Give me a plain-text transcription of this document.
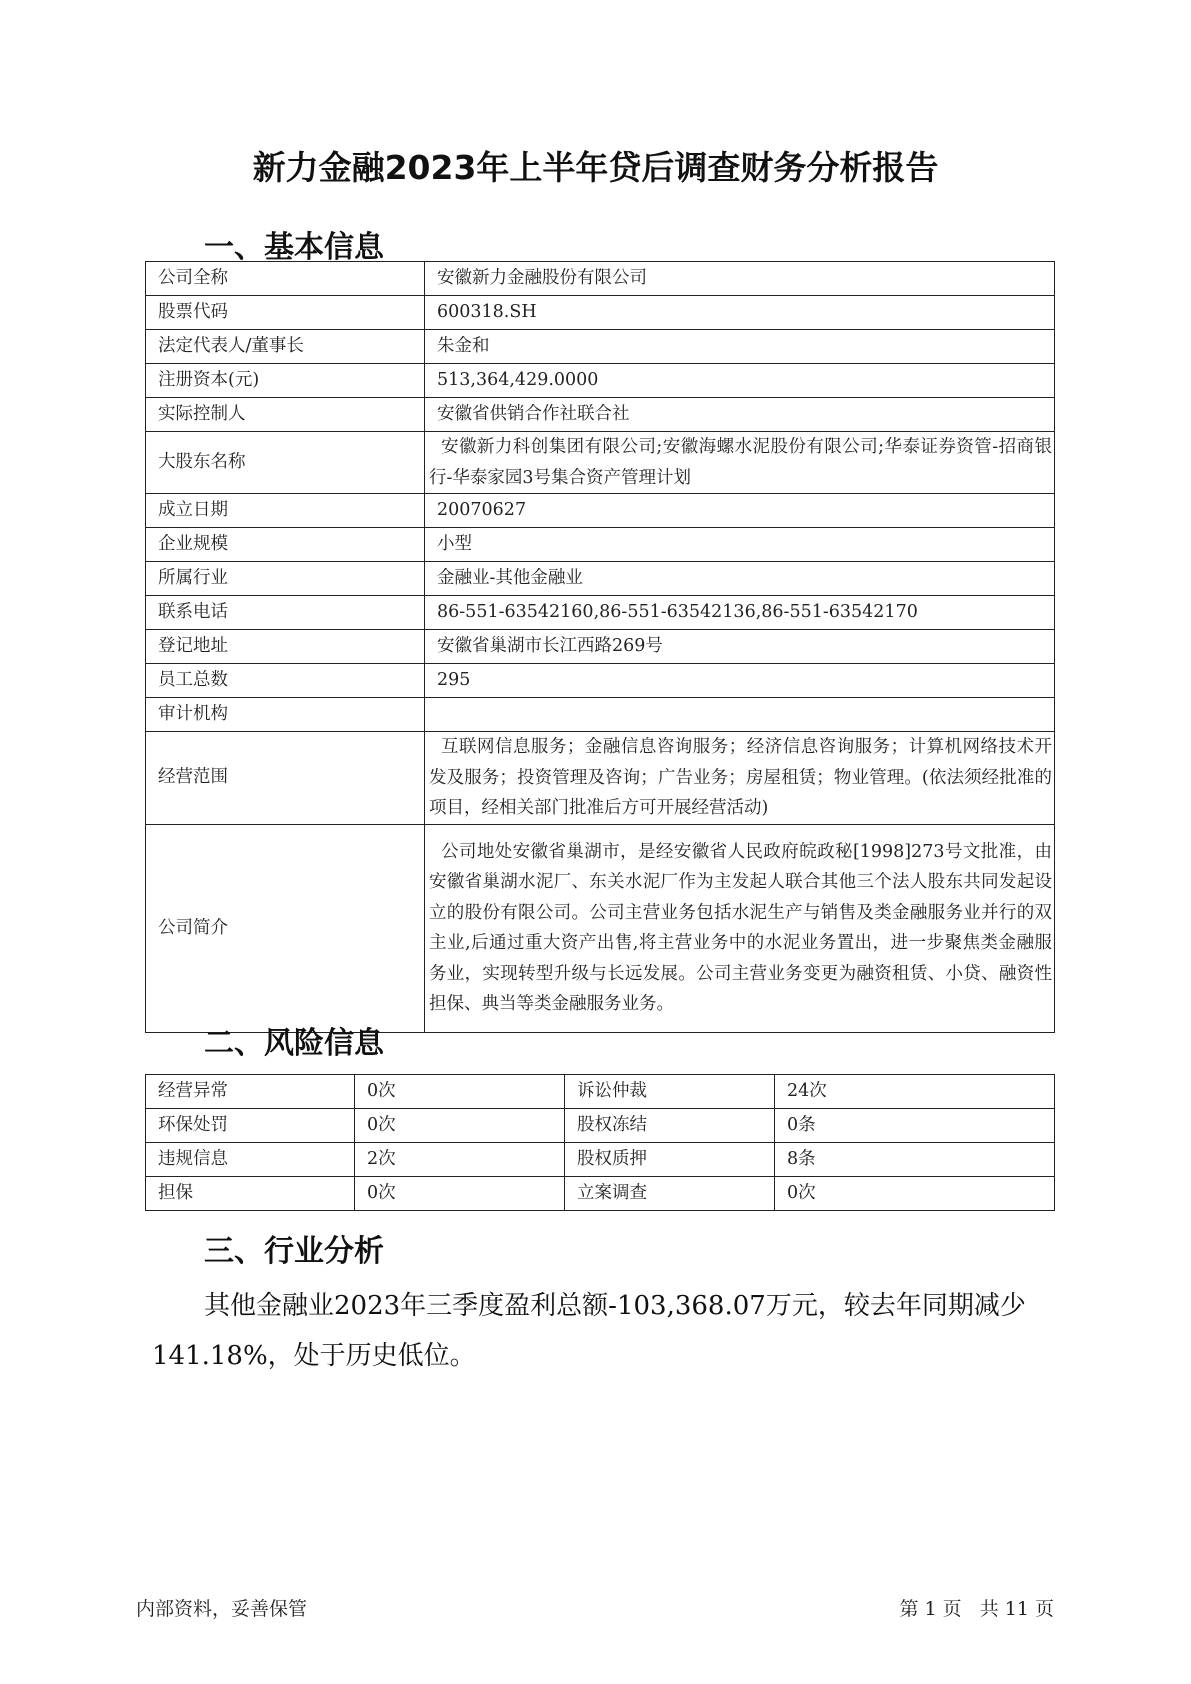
新力金融2023年上半年贷后调查财务分析报告
一、基本信息
公司全称	安徽新力金融股份有限公司
股票代码	600318.SH
法定代表人/董事长	朱金和
注册资本(元)	513,364,429.0000
实际控制人	安徽省供销合作社联合社
大股东名称	安徽新力科创集团有限公司;安徽海螺水泥股份有限公司;华泰证券资管-招商银行-华泰家园3号集合资产管理计划
成立日期	20070627
企业规模	小型
所属行业	金融业-其他金融业
联系电话	86-551-63542160,86-551-63542136,86-551-63542170
登记地址	安徽省巢湖市长江西路269号
员工总数	295
审计机构	
经营范围	互联网信息服务；金融信息咨询服务；经济信息咨询服务；计算机网络技术开发及服务；投资管理及咨询；广告业务；房屋租赁；物业管理。(依法须经批准的项目，经相关部门批准后方可开展经营活动)
公司简介	公司地处安徽省巢湖市，是经安徽省人民政府皖政秘[1998]273号文批准，由安徽省巢湖水泥厂、东关水泥厂作为主发起人联合其他三个法人股东共同发起设立的股份有限公司。公司主营业务包括水泥生产与销售及类金融服务业并行的双主业,后通过重大资产出售,将主营业务中的水泥业务置出，进一步聚焦类金融服务业，实现转型升级与长远发展。公司主营业务变更为融资租赁、小贷、融资性担保、典当等类金融服务业务。
二、风险信息
经营异常	0次	诉讼仲裁	24次
环保处罚	0次	股权冻结	0条
违规信息	2次	股权质押	8条
担保	0次	立案调查	0次
三、行业分析
其他金融业2023年三季度盈利总额-103,368.07万元，较去年同期减少141.18%，处于历史低位。
内部资料，妥善保管	第 1 页   共 11 页
